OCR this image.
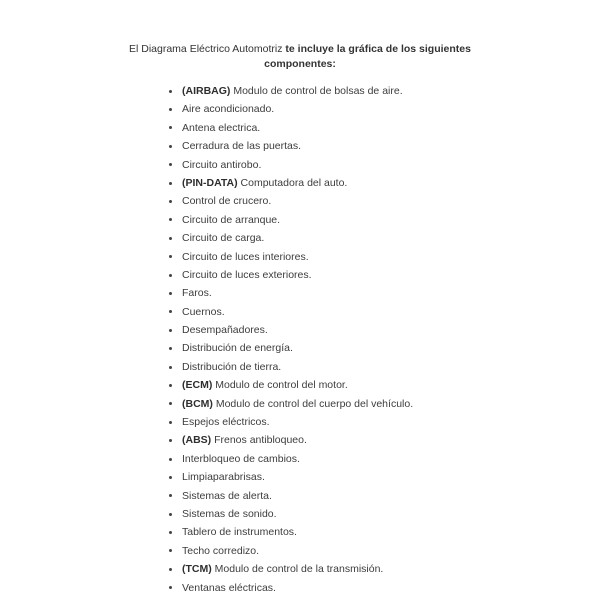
El Diagrama Eléctrico Automotriz te incluye la gráfica de los siguientes componentes:
(AIRBAG) Modulo de control de bolsas de aire.
Aire acondicionado.
Antena electrica.
Cerradura de las puertas.
Circuito antirobo.
(PIN-DATA) Computadora del auto.
Control de crucero.
Circuito de arranque.
Circuito de carga.
Circuito de luces interiores.
Circuito de luces exteriores.
Faros.
Cuernos.
Desempañadores.
Distribución de energía.
Distribución de tierra.
(ECM) Modulo de control del motor.
(BCM) Modulo de control del cuerpo del vehículo.
Espejos eléctricos.
(ABS) Frenos antibloqueo.
Interbloqueo de cambios.
Limpiaparabrisas.
Sistemas de alerta.
Sistemas de sonido.
Tablero de instrumentos.
Techo corredizo.
(TCM) Modulo de control de la transmisión.
Ventanas eléctricas.
